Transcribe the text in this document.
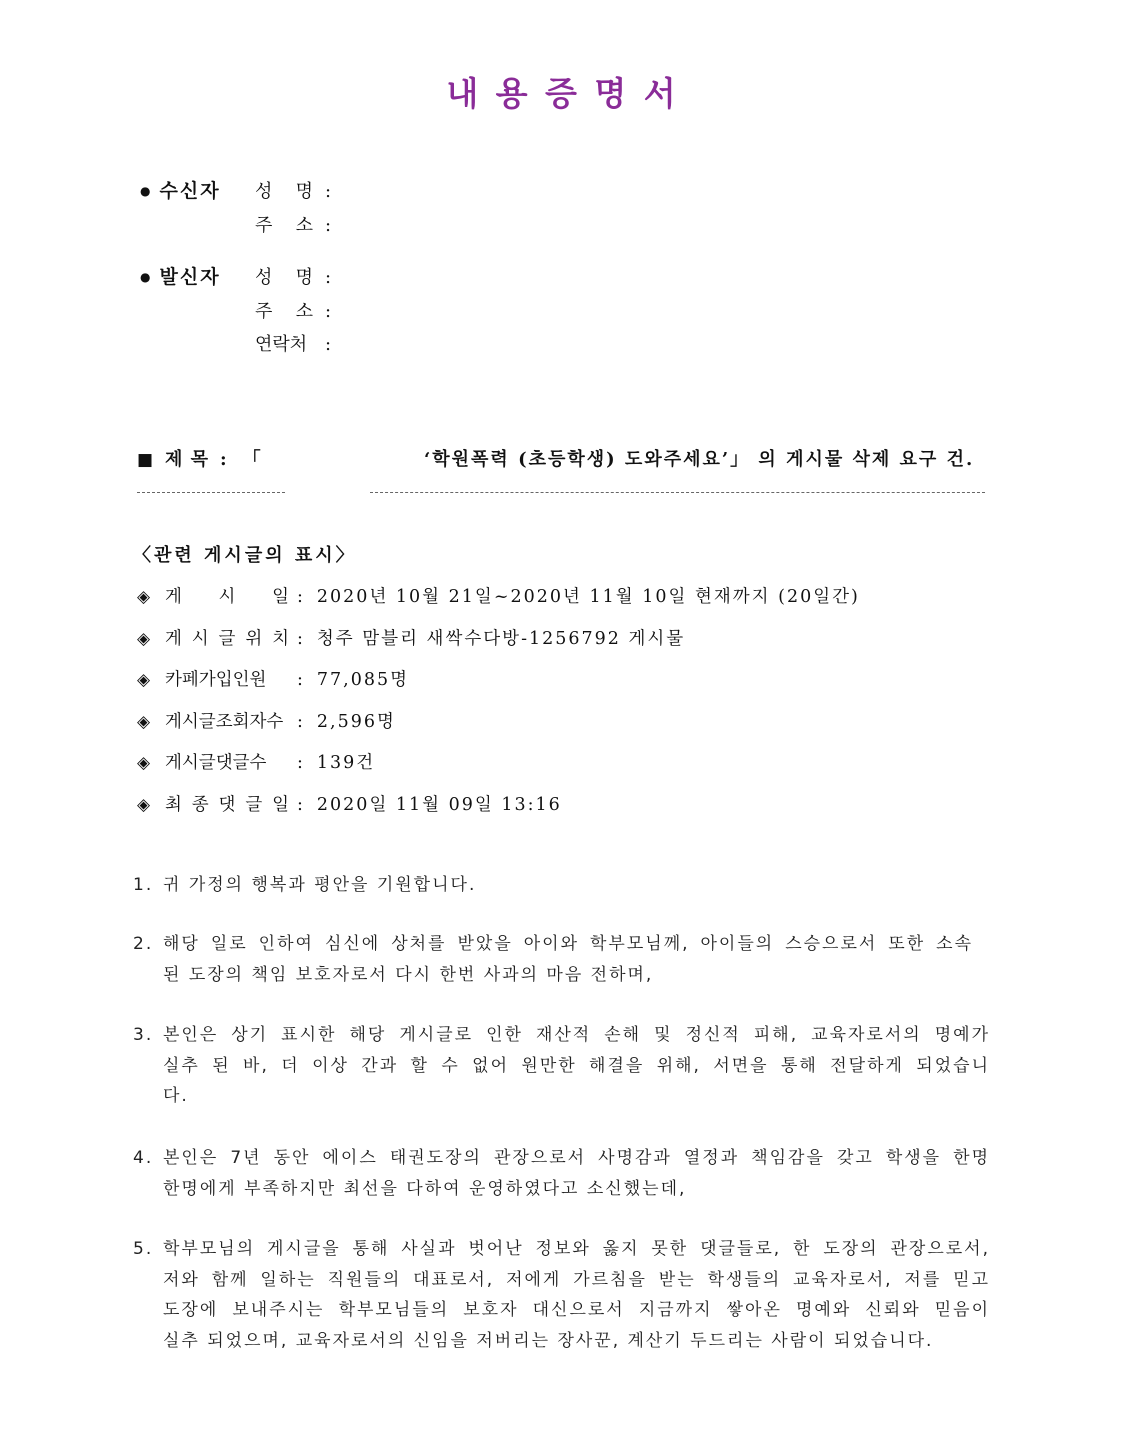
내 용 증 명 서
● 수신자	성 명 :
주 소 :
● 발신자	성 명 :
주 소 :
연락처 :
■ 제 목 : 「	‘학원폭력 (초등학생) 도와주세요’」 의 게시물 삭제 요구 건.
〈관련 게시글의 표시〉
◈ 게 시 일 : 2020년 10월 21일~2020년 11월 10일 현재까지 (20일간)
◈ 게 시 글 위 치 : 청주 맘블리 새싹수다방-1256792 게시물
◈ 카페가입인원	: 77,085명
◈ 게시글조회자수 : 2,596명
◈ 게시글댓글수	: 139건
◈ 최 종 댓 글 일 : 2020일 11월 09일 13:16
1. 귀 가정의 행복과 평안을 기원합니다.
2. 해당 일로 인하여 심신에 상처를 받았을 아이와 학부모님께, 아이들의 스승으로서 또한 소속
된 도장의 책임 보호자로서 다시 한번 사과의 마음 전하며,
3. 본인은 상기 표시한 해당 게시글로 인한 재산적 손해 및 정신적 피해, 교육자로서의 명예가
실추 된 바, 더 이상 간과 할 수 없어 원만한 해결을 위해, 서면을 통해 전달하게 되었습니
다.
4. 본인은 7년 동안 에이스 태권도장의 관장으로서 사명감과 열정과 책임감을 갖고 학생을 한명
한명에게 부족하지만 최선을 다하여 운영하였다고 소신했는데,
5. 학부모님의 게시글을 통해 사실과 벗어난 정보와 옳지 못한 댓글들로, 한 도장의 관장으로서,
저와 함께 일하는 직원들의 대표로서, 저에게 가르침을 받는 학생들의 교육자로서, 저를 믿고
도장에 보내주시는 학부모님들의 보호자 대신으로서 지금까지 쌓아온 명예와 신뢰와 믿음이
실추 되었으며, 교육자로서의 신임을 저버리는 장사꾼, 계산기 두드리는 사람이 되었습니다.
